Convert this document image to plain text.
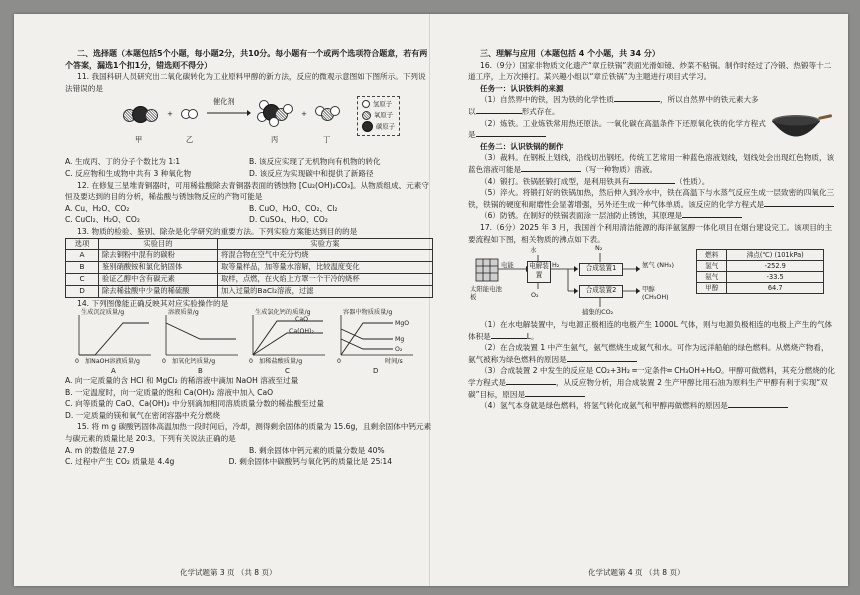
二、选择题（本题包括5个小题，每小题2分，共10分。每小题有一个或两个选项符合题意，若有两个答案，漏选1个扣1分，错选则不得分）

11. 我国科研人员研究出二氧化碳转化为工业原料甲醇的新方法，反应的微观示意图如下图所示。下列说法错误的是

+
催化剂
+
甲	乙	丙	丁
氢原子
氧原子
碳原子
A. 生成丙、丁的分子个数比为 1∶1	B. 该反应实现了无机物向有机物的转化
C. 反应物和生成物中共有 3 种氧化物	D. 该反应为实现碳中和提供了新路径

12. 在修复三星堆青铜器时，可用稀盐酸除去青铜器表面的锈蚀物 [Cu₂(OH)₂CO₃]。从物质组成、元素守恒及要达到的目的分析，稀盐酸与锈蚀物反应的产物可能是

A. Cu、H₂O、CO₂	B. CuO、H₂O、CO₂、Cl₂
C. CuCl₂、H₂O、CO₂	D. CuSO₄、H₂O、CO₂

13. 物质的检验、鉴别、除杂是化学研究的重要方法。下列实验方案能达到目的的是

选项	实验目的	实验方案
A	除去铜粉中混有的碳粉	将混合物在空气中充分灼烧
B	鉴别硝酸铵和氯化钠固体	取等量样品，加等量水溶解，比较温度变化
C	验证乙醇中含有碳元素	取样，点燃，在火焰上方罩一个干冷的烧杯
D	除去稀盐酸中少量的稀硫酸	加入过量的BaCl₂溶液，过滤

14. 下列图像能正确反映其对应实验操作的是

生成沉淀质量/g
0 加NaOH溶液质量/g
A
溶液质量/g
0 加氧化钙质量/g
B
生成氯化钙的质量/g
CaO
Ca(OH)₂
0 加稀盐酸质量/g
C
容器中物质质量/g
MgO
Mg
O₂
0	时间/s
D

A. 向一定质量的含 HCl 和 MgCl₂ 的稀溶液中滴加 NaOH 溶液至过量

B. 一定温度时，向一定质量的饱和 Ca(OH)₂ 溶液中加入 CaO

C. 向等质量的 CaO、Ca(OH)₂ 中分别滴加相同溶质质量分数的稀盐酸至过量

D. 一定质量的镁和氧气在密闭容器中充分燃烧

15. 将 m g 碳酸钙固体高温加热一段时间后，冷却，测得剩余固体的质量为 15.6g，且剩余固体中钙元素与碳元素的质量比是 20∶3。下列有关说法正确的是

A. m 的数值是 27.9	B. 剩余固体中钙元素的质量分数是 40%
C. 过程中产生 CO₂ 质量是 4.4g	D. 剩余固体中碳酸钙与氧化钙的质量比是 25∶14
化学试题第 3 页 （共 8 页）

三、理解与应用（本题包括 4 个小题，共 34 分）

16.（9分）国家非物质文化遗产“章丘铁锅”表面光滑如镜、炒菜不粘锅。制作时经过了冷锻、热锻等十二道工序，上万次捶打。某兴趣小组以“章丘铁锅”为主题进行项目式学习。

任务一：认识铁料的来源

（1）自然界中的铁，因为铁的化学性质	，所以自然界中的铁元素大多以	形式存在。

（2）炼铁。工业炼铁常用热还原法。一氧化碳在高温条件下还原氧化铁的化学方程式是

任务二：认识铁锅的制作

（3）裁料。在钢板上划线，沿线切出钢坯。传统工艺常用一种蓝色溶液划线，划线处会出现红色物质，该蓝色溶液可能是	（写一种物质）溶液。

（4）锻打。铁锅胚锻打成型，是利用铁具有	（性质）。

（5）淬火。将锻打好的铁锅加热，然后伸入到冷水中，铁在高温下与水蒸气反应生成一层致密的四氧化三铁，铁锅的硬度和耐磨性会显著增强，另外还生成一种气体单质。该反应的化学方程式是

（6）防锈。在制好的铁锅表面涂一层油防止锈蚀，其原理是

17.（6分）2025 年 3 月，我国首个利用清洁能源的海洋氨氢醇一体化项目在烟台建设完工。该项目的主要流程如下图，相关物质的沸点如下表。

电解装置
合成装置1
合成装置2
水	N₂
H₂
O₂
电能
太阳能电池板
氨气 (NH₃)
甲醇 (CH₃OH)
捕集的CO₂
燃料	沸点(℃) (101kPa)
氢气	-252.9
氨气	-33.5
甲醇	64.7

（1）在水电解装置中，与电源正极相连的电极产生 1000L 气体，则与电源负极相连的电极上产生的气体体积是	L。

（2）在合成装置 1 中产生氨气，氨气燃烧生成氮气和水。可作为远洋船舶的绿色燃料。从燃烧产物看，氨气被称为绿色燃料的原因是

（3）合成装置 2 中发生的反应是 CO₂+3H₂ ═一定条件═ CH₃OH+H₂O。甲醇可做燃料，其充分燃烧的化学方程式是	，从反应物分析，用合成装置 2 生产甲醇比用石油为原料生产甲醇有利于实现“双碳”目标，原因是

（4）氢气本身就是绿色燃料，将氢气转化成氨气和甲醇再做燃料的原因是

化学试题第 4 页 （共 8 页）
